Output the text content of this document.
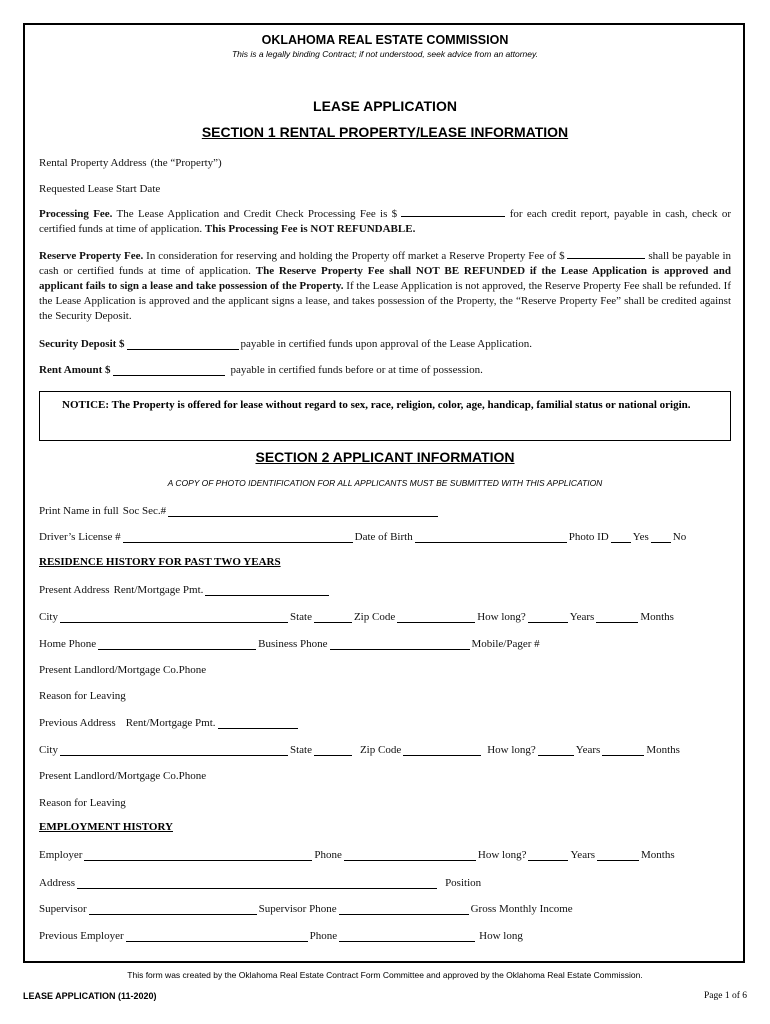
OKLAHOMA REAL ESTATE COMMISSION
This is a legally binding Contract; if not understood, seek advice from an attorney.
LEASE APPLICATION
SECTION 1 RENTAL PROPERTY/LEASE INFORMATION
Rental Property Address (the “Property”)
Requested Lease Start Date
Processing Fee. The Lease Application and Credit Check Processing Fee is $	for each credit report, payable in cash, check or certified funds at time of application. This Processing Fee is NOT REFUNDABLE.
Reserve Property Fee. In consideration for reserving and holding the Property off market a Reserve Property Fee of $	shall be payable in cash or certified funds at time of application. The Reserve Property Fee shall NOT BE REFUNDED if the Lease Application is approved and applicant fails to sign a lease and take possession of the Property. If the Lease Application is not approved, the Reserve Property Fee shall be refunded. If the Lease Application is approved and the applicant signs a lease, and takes possession of the Property, the “Reserve Property Fee” shall be credited against the Security Deposit.
Security Deposit $	payable in certified funds upon approval of the Lease Application.
Rent Amount $	payable in certified funds before or at time of possession.
NOTICE: The Property is offered for lease without regard to sex, race, religion, color, age, handicap, familial status or national origin.
SECTION 2 APPLICANT INFORMATION
A COPY OF PHOTO IDENTIFICATION FOR ALL APPLICANTS MUST BE SUBMITTED WITH THIS APPLICATION
Print Name in full Soc Sec.#
Driver’s License #	Date of Birth	Photo ID Yes No
RESIDENCE HISTORY FOR PAST TWO YEARS
Present Address Rent/Mortgage Pmt.
City	State	Zip Code	How long?	Years	Months
Home Phone	Business Phone	Mobile/Pager #
Present Landlord/Mortgage Co.Phone
Reason for Leaving
Previous Address Rent/Mortgage Pmt.
City	State	Zip Code	How long?	Years	Months
Present Landlord/Mortgage Co.Phone
Reason for Leaving
EMPLOYMENT HISTORY
Employer	Phone	How long?	Years	Months
Address	Position
Supervisor	Supervisor Phone	Gross Monthly Income
Previous Employer	Phone	How long
This form was created by the Oklahoma Real Estate Contract Form Committee and approved by the Oklahoma Real Estate Commission.
LEASE APPLICATION (11-2020)	Page 1 of 6
